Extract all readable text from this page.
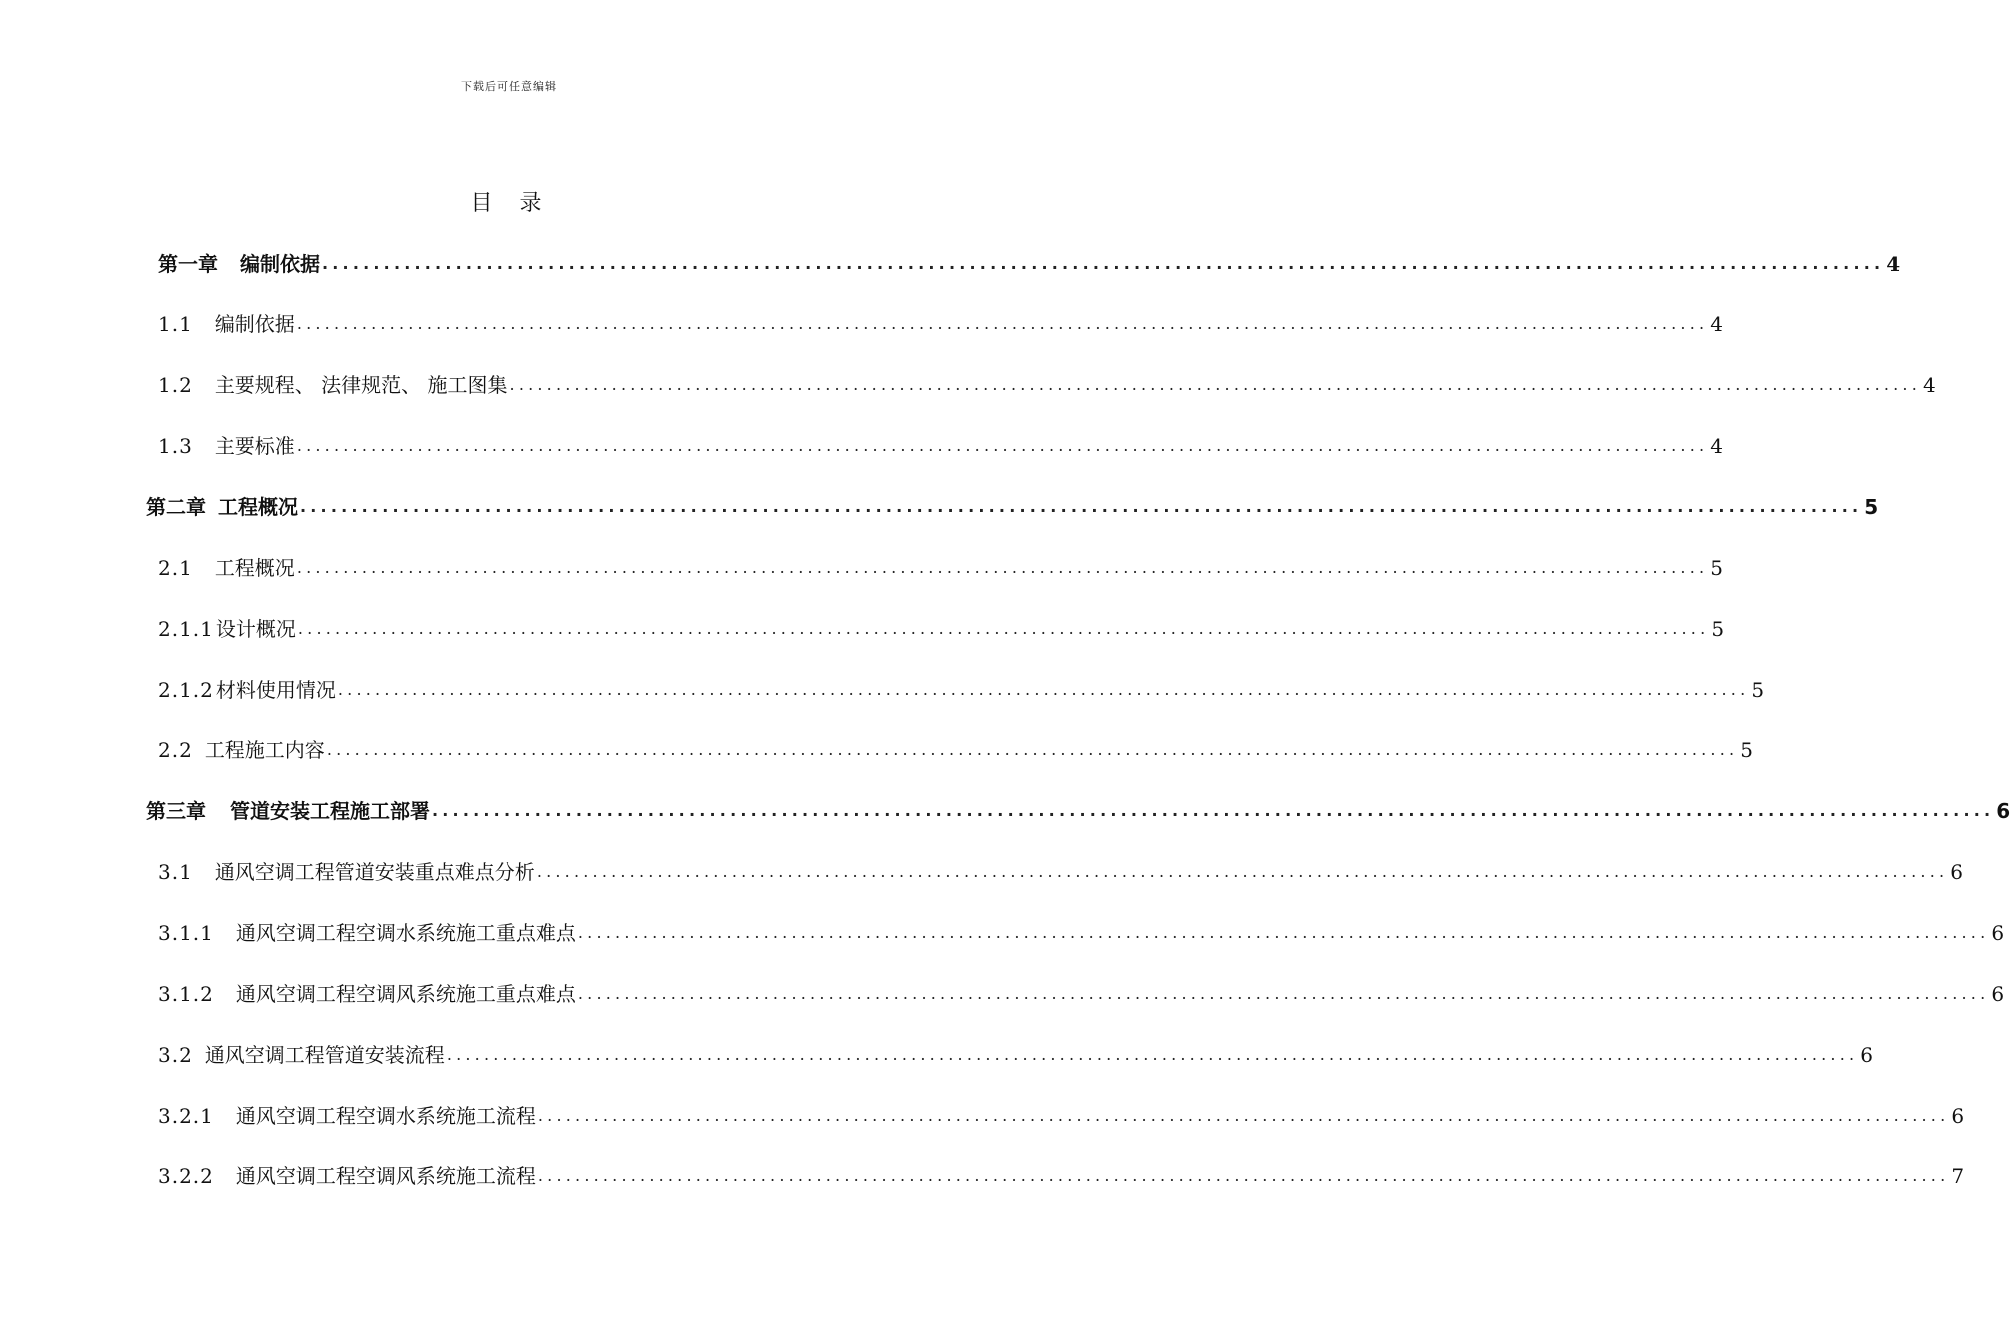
下载后可任意编辑
目 录
第一章 编制依据 ........................................................................................................................................................ 4
1.1 编制依据 ........................................................................................................................................................ 4
1.2 主要规程、 法律规范、 施工图集 ........................................................................................................................................................ 4
1.3 主要标准 ........................................................................................................................................................ 4
第二章 工程概况 ........................................................................................................................................................ 5
2.1 工程概况 ........................................................................................................................................................ 5
2.1.1 设计概况 ........................................................................................................................................................ 5
2.1.2 材料使用情况 ........................................................................................................................................................ 5
2.2 工程施工内容 ........................................................................................................................................................ 5
第三章 管道安装工程施工部署 ........................................................................................................................................................ 6
3.1 通风空调工程管道安装重点难点分析 ........................................................................................................................................................ 6
3.1.1 通风空调工程空调水系统施工重点难点 ........................................................................................................................................................ 6
3.1.2 通风空调工程空调风系统施工重点难点 ........................................................................................................................................................ 6
3.2 通风空调工程管道安装流程 ........................................................................................................................................................ 6
3.2.1 通风空调工程空调水系统施工流程 ........................................................................................................................................................ 6
3.2.2 通风空调工程空调风系统施工流程 ........................................................................................................................................................ 7
